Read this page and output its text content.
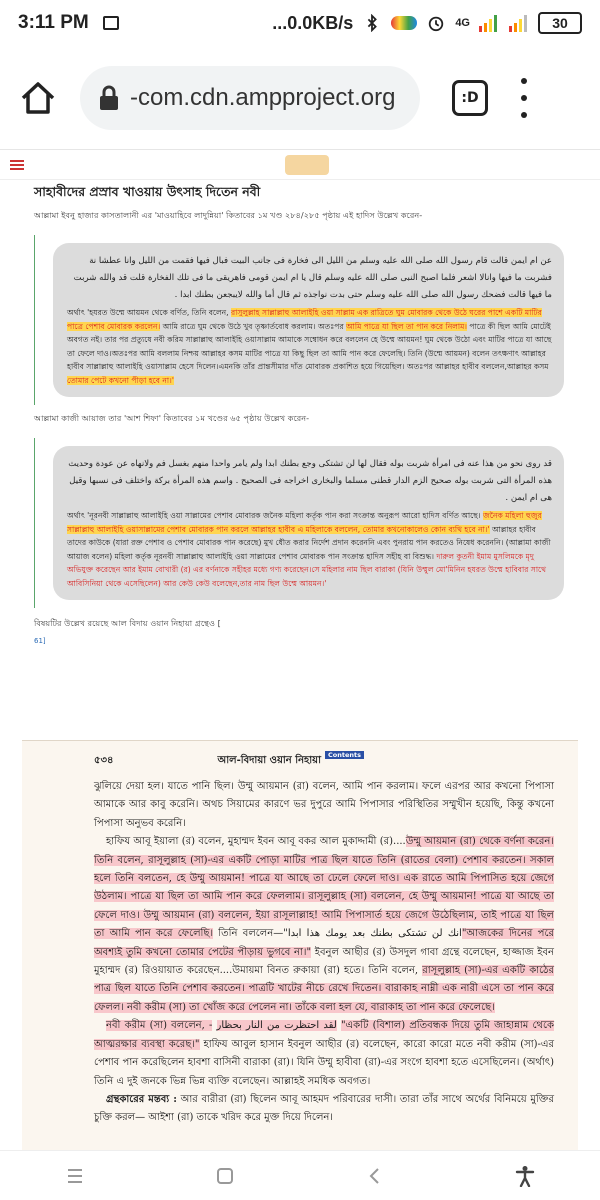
3:11 PM	...0.0KB/s	4G	30
-com.cdn.ampproject.org	:D
সাহাবীদের প্রস্রাব খাওয়ায় উৎসাহ দিতেন নবী
আল্লামা ইবনু হাজার কাসতালানী এর 'মাওয়াহিবে লাদুন্নিয়া' কিতাবের ১ম খণ্ড ২৮৪/২৮৫ পৃষ্ঠায় এই হাদিস উল্লেখ করেন-
عن ام ايمن قالت قام رسول الله صلى الله عليه وسلم من الليل الى فخارة فى جانب البيت فبال فيها فقمت من الليل وانا عطشا نة فشربت ما فيها وانالا اشعر فلما اصبح النبى صلى الله عليه وسلم قال يا ام ايمن قومى فاهريقى ما فى تلك الفخارة قلت قد والله شربت ما فيها قالت فضحك رسول الله صلى الله عليه وسلم حتى بدت نواجذه ثم قال أما والله لايبجعن بطنك ابدا .
অর্থাৎ 'হযরত উম্মে আয়মন থেকে বর্ণিত, তিনি বলেন, রাসুলুল্লাহ সাল্লাল্লাহু আলাইহি ওয়া সাল্লাম এক রাত্রিতে ঘুম মোবারক থেকে উঠে ঘরের পাশে একটি মাটির পাত্রে পেশাব মোবারক করলেন। আমি রাত্রে ঘুম থেকে উঠে খুব তৃষ্ণার্তবোধ করলাম। অতঃপর আমি পাত্রে যা ছিল তা পান করে নিলাম। পাত্রে কী ছিল আমি মোটেই অবগত নই। তার পর প্রত্যুষে নবী করিম সাল্লাল্লাহু আলাইহি ওয়াসাল্লাম আমাকে সম্বোধন করে বললেন হে উম্মে আয়মন! ঘুম থেকে উঠো এবং মাটির পাত্রে যা আছে তা ফেলে দাও।অতঃপর আমি বললাম নিশ্চয় আল্লাহর কসম মাটির পাত্রে যা কিছু ছিল তা আমি পান করে ফেলেছি। তিনি (উম্মে আয়মন) বলেন তৎক্ষণাৎ আল্লাহর হাবীব সাল্লাল্লাহু আলাইহি ওয়াসাল্লাম হেসে দিলেন।এমনকি তাঁর প্রান্তসীমার দাঁত মোবারক প্রকাশিত হয়ে গিয়েছিল। অতঃপর আল্লাহর হাবীব বললেন,আল্লাহর কসম তোমার পেটে কখনো পীড়া হবে না।'
আল্লামা কাজী আয়াজ তার 'আশ শিফা' কিতাবের ১ম খণ্ডের ৬৫ পৃষ্ঠায় উল্লেখ করেন-
قد روى نحو من هذا عنه فى امرأة شربت بوله فقال لها لن تشتكى وجع بطنك ابدا ولم يامر واحدا منهم بغسل فم ولانهاه عن عودة وحديث هذه المرأة التى شربت بوله صحيح الزم الدار قطنى مسلما والبخارى اخراجه فى الصحيح . واسم هذه المرأة بركة واختلف فى نسبها وقيل هى ام ايمن .
অর্থাৎ 'নূরনবী সাল্লাল্লাহু আলাইহি ওয়া সাল্লামের পেশাব মোবারক জনৈক মহিলা কর্তৃক পান করা সংক্রান্ত অনুরূপ আরো হাদিস বর্ণিত আছে। জনৈক মহিলা হুজুর সাল্লাল্লাহু আলাইহি ওয়াসাল্লামের পেশাব মোবারক পান করলে আল্লাহর হাবীব এ মহিলাকে বললেন, তোমার কখনোকালেও কোন ব্যথি হবে না।' আল্লাহর হাবীব তাদের কাউকে (যারা রক্ত পেশাব ও পেশাব মোবারক পান করেছে) মুখ ধৌত করার নির্দেশ প্রদান করেননি এবং পুনরায় পান করতেও নিষেধ করেননি। (আল্লামা কাজী আয়াজ বলেন) মহিলা কর্তৃক নূরনবী সাল্লাল্লাহু আলাইহি ওয়া সাল্লামের পেশাব মোবারক পান সংক্রান্ত হাদিস সহীহ বা বিশুদ্ধ। দারুল কুতনী ইমাম মুসলিমকে মৃদু অভিযুক্ত করেছেন আর ইমাম বোখারী (র) এর বর্ণনাকে সহীহর মধ্যে গণ্য করেছেন।সে মহিলার নাম ছিল বারাকা (যিনি উম্মুল মো'মিনিন হযরত উম্মে হাবিবার সাথে আবিসিনিয়া থেকে এসেছিলেন) আর কেউ কেউ বলেছেন,তার নাম ছিল উম্মে আয়মন।'
বিষয়টির উল্লেখ রয়েছে আল বিদায় ওয়ান নিহায়া গ্রন্থেও [
61]
৫৩৪	আল-বিদায়া ওয়ান নিহায়া
Contents

ঝুলিয়ে দেয়া হল। যাতে পানি ছিল। উম্মু আয়মান (রা) বলেন, আমি পান করলাম। ফলে এরপর আর কখনো পিপাসা আমাকে আর কাবু করেনি। অথচ সিয়ামের কারণে ভর দুপুরে আমি পিপাসার পরিস্থিতির সম্মুখীন হয়েছি, কিন্তু কখনো পিপাসা অনুভব করেনি।

হাফিয আবূ ইয়ালা (র) বলেন, মুহাম্মদ ইবন আবূ বকর আল মুকাদ্দামী (র)....উম্মু আয়মান (রা) থেকে বর্ণনা করেন। তিনি বলেন, রাসূলুল্লাহ (সা)-এর একটি পোড়া মাটির পাত্র ছিল যাতে তিনি (রাতের বেলা) পেশাব করতেন। সকাল হলে তিনি বলতেন, হে উম্মু আয়মান! পাত্রে যা আছে তা ঢেলে ফেলে দাও। এক রাতে আমি পিপাসিত হয়ে জেগে উঠলাম। পাত্রে যা ছিল তা আমি পান করে ফেললাম। রাসূলুল্লাহ (সা) বললেন, হে উম্মু আয়মান! পাত্রে যা আছে তা ফেলে দাও। উম্মু আয়মান (রা) বললেন, ইয়া রাসূলাল্লাহ! আমি পিপাসার্ত হয়ে জেগে উঠেছিলাম, তাই পাত্রে যা ছিল তা আমি পান করে ফেলেছি। তিনি বললেন—"انك لن تشتكى بطنك بعد يومك هذا ابدا"আজকের দিনের পরে অবশ্যই তুমি কখনো তোমার পেটের পীড়ায় ভুগবে না।" ইবনুল আছীর (র) উসদুল গাবা গ্রন্থে বলেছেন, হাজ্জাজ ইবন মুহাম্মদ (র) রিওয়ায়াত করেছেন....উমায়মা বিনত রুকায়া (রা) হতে। তিনি বলেন, রাসূলুল্লাহ (সা)-এর একটি কাঠের পাত্র ছিল যাতে তিনি পেশাব করতেন। পাত্রটি খাটের নীচে রেখে দিতেন। বারাকাহ নাম্নী এক নারী এসে তা পান করে ফেলল। নবী করীম (সা) তা খোঁজ করে পেলেন না। তাঁকে বলা হল যে, বারাকাহ তা পান করে ফেলেছে।

নবী করীম (সা) বললেন, - لقد احتظرت من النار بحظار "একটি (বিশাল) প্রতিবন্ধক দিয়ে তুমি জাহান্নাম থেকে আত্মরক্ষার ব্যবস্থা করেছ।" হাফিয আবুল হাসান ইবনুল আছীর (র) বলেছেন, কারো কারো মতে নবী করীম (সা)-এর পেশাব পান করেছিলেন হাবশা বাসিনী বারাকা (রা)। যিনি উম্মু হাবীবা (রা)-এর সংগে হাবশা হতে এসেছিলেন। (অর্থাৎ) তিনি এ দুই জনকে ভিন্ন ভিন্ন ব্যক্তি বলেছেন। আল্লাহই সমধিক অবগত।

গ্রন্থকারের মন্তব্য : আর বারীরা (রা) ছিলেন আবূ আহমদ পরিবারের দাসী। তারা তাঁর সাথে অর্থের বিনিময়ে মুক্তির চুক্তি করল— আইশা (রা) তাকে খরিদ করে মুক্ত দিয়ে দিলেন।
